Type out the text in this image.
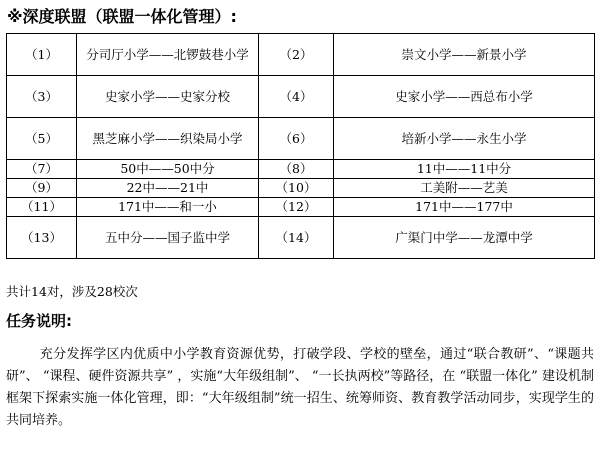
※深度联盟（联盟一体化管理）:
（1）	分司厅小学——北锣鼓巷小学	（2）	崇文小学——新景小学
（3）	史家小学——史家分校	（4）	史家小学——西总布小学
（5）	黑芝麻小学——织染局小学	（6）	培新小学——永生小学
（7）	50中——50中分	（8）	11中——11中分
（9）	22中——21中	（10）	工美附——艺美
（11）	171中——和一小	（12）	171中——177中
（13）	五中分——国子监中学	（14）	广渠门中学——龙潭中学
共计14对，涉及28校次
任务说明:

充分发挥学区内优质中小学教育资源优势，打破学段、学校的壁垒，通过“联合教研”、“课题共研”、 “课程、硬件资源共享” ，实施“大年级组制”、 “一长执两校”等路径，在 “联盟一体化” 建设机制框架下探索实施一体化管理，即：“大年级组制”统一招生、统筹师资、教育教学活动同步，实现学生的共同培养。
